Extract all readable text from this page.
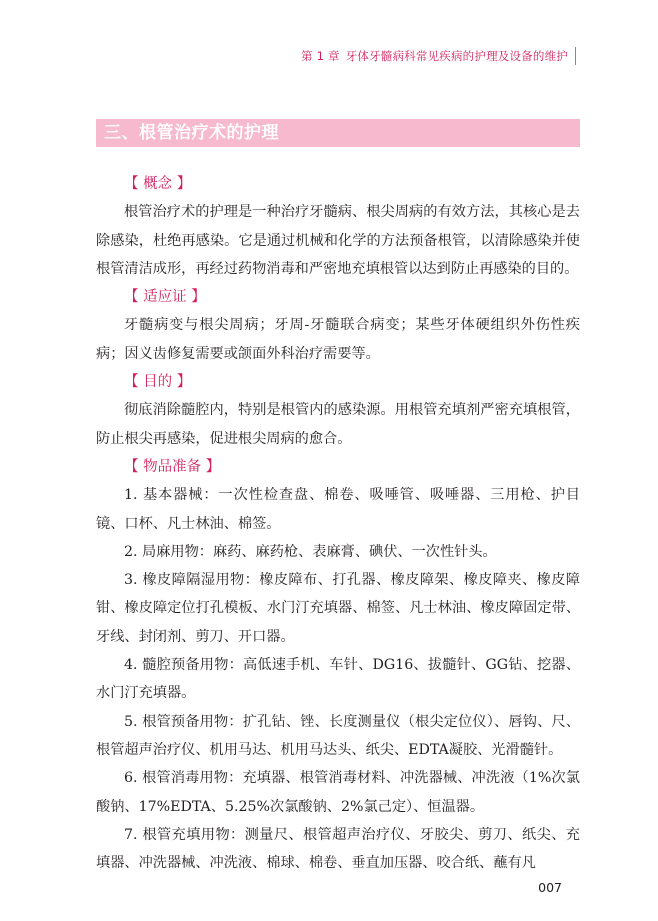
第 1 章 牙体牙髓病科常见疾病的护理及设备的维护
三、根管治疗术的护理
【 概念 】
根管治疗术的护理是一种治疗牙髓病、根尖周病的有效方法，其核心是去除感染，杜绝再感染。它是通过机械和化学的方法预备根管，以清除感染并使根管清洁成形，再经过药物消毒和严密地充填根管以达到防止再感染的目的。
【 适应证 】
牙髓病变与根尖周病；牙周-牙髓联合病变；某些牙体硬组织外伤性疾病；因义齿修复需要或颌面外科治疗需要等。
【 目的 】
彻底消除髓腔内，特别是根管内的感染源。用根管充填剂严密充填根管，防止根尖再感染，促进根尖周病的愈合。
【 物品准备 】
1. 基本器械：一次性检查盘、棉卷、吸唾管、吸唾器、三用枪、护目镜、口杯、凡士林油、棉签。
2. 局麻用物：麻药、麻药枪、表麻膏、碘伏、一次性针头。
3. 橡皮障隔湿用物：橡皮障布、打孔器、橡皮障架、橡皮障夹、橡皮障钳、橡皮障定位打孔模板、水门汀充填器、棉签、凡士林油、橡皮障固定带、牙线、封闭剂、剪刀、开口器。
4. 髓腔预备用物：高低速手机、车针、DG16、拔髓针、GG钻、挖器、水门汀充填器。
5. 根管预备用物：扩孔钻、锉、长度测量仪（根尖定位仪）、唇钩、尺、根管超声治疗仪、机用马达、机用马达头、纸尖、EDTA凝胶、光滑髓针。
6. 根管消毒用物：充填器、根管消毒材料、冲洗器械、冲洗液（1%次氯酸钠、17%EDTA、5.25%次氯酸钠、2%氯己定）、恒温器。
7. 根管充填用物：测量尺、根管超声治疗仪、牙胶尖、剪刀、纸尖、充填器、冲洗器械、冲洗液、棉球、棉卷、垂直加压器、咬合纸、蘸有凡
007
